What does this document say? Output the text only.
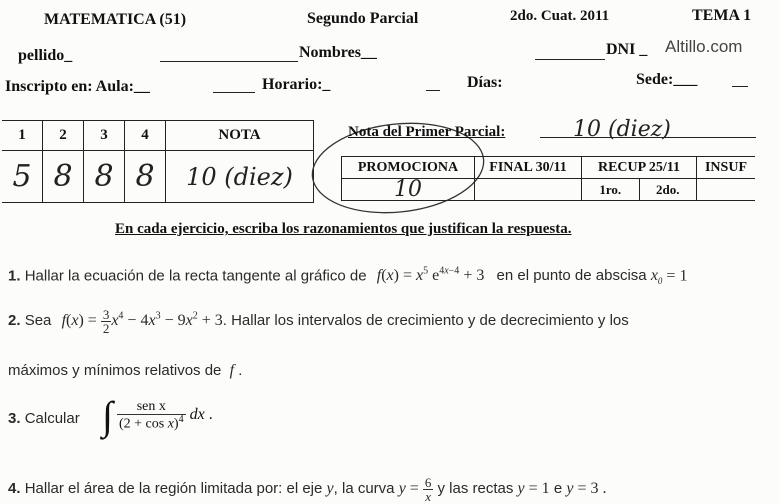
MATEMATICA (51)	Segundo Parcial	2do. Cuat. 2011	TEMA 1
pellido_	Nombres__	DNI _ Altillo.com
Inscripto en: Aula:__	Horario:_	Días:	Sede:___
1	2	3	4	NOTA
5	8	8	8	10 (diez)
Nota del Primer Parcial:	10 (diez)
PROMOCIONA	FINAL 30/11	RECUP 25/11		INSUF
10		1ro.	2do.	
En cada ejercicio, escriba los razonamientos que justifican la respuesta.
1. Hallar la ecuación de la recta tangente al gráfico de $f(x) = x^5$ $e^{4x-4} + 3$ en el punto de abscisa $x_0 = 1$
2. Sea $f(x) = \frac{3}{2} x^4 - 4x^3 - 9x^2 + 3$. Hallar los intervalos de crecimiento y de decrecimiento y los
máximos y mínimos relativos de f .
3. Calcular ∫ $\frac{\text{sen x}}{(2 + \cos x)^4}$ dx .
4. Hallar el área de la región limitada por: el eje y, la curva $y = \frac{6}{x}$ y las rectas y = 1 e y = 3 .
